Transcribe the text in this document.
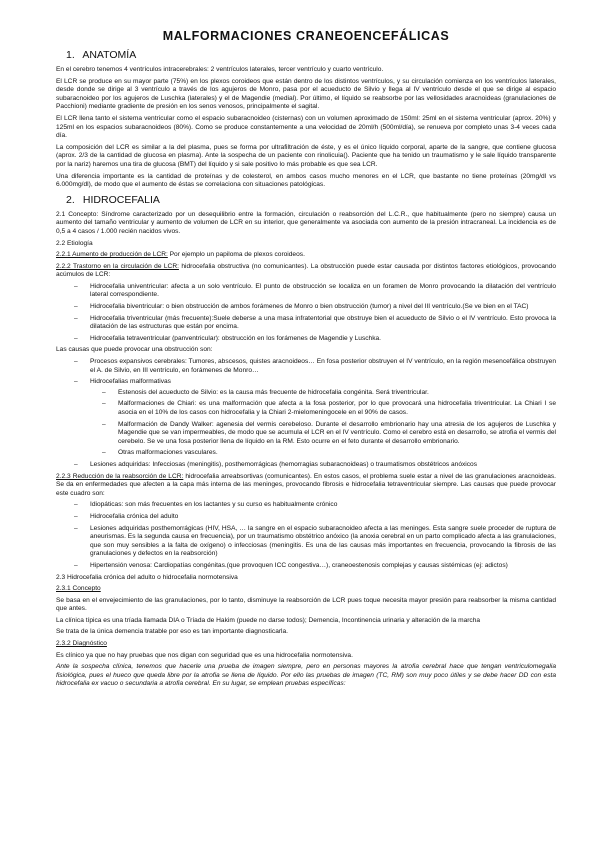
MALFORMACIONES CRANEOENCEFÁLICAS
1. ANATOMÍA

En el cerebro tenemos 4 ventrículos intracerebrales: 2 ventrículos laterales, tercer ventrículo y cuarto ventrículo.

El LCR se produce en su mayor parte (75%) en los plexos coroideos que están dentro de los distintos ventrículos, y su circulación comienza en los ventrículos laterales, desde donde se dirige al 3 ventrículo a través de los agujeros de Monro, pasa por el acueducto de Silvio y llega al IV ventrículo desde el que se dirige al espacio subaracnoideo por los agujeros de Luschka (laterales) y el de Magendie (medial). Por último, el líquido se reabsorbe por las vellosidades aracnoideas (granulaciones de Pacchioni) mediante gradiente de presión en los senos venosos, principalmente el sagital.

El LCR llena tanto el sistema ventricular como el espacio subaracnoideo (cisternas) con un volumen aproximado de 150ml: 25ml en el sistema ventricular (aprox. 20%) y 125ml en los espacios subaracnoideos (80%). Como se produce constantemente a una velocidad de 20ml/h (500ml/día), se renueva por completo unas 3-4 veces cada día.

La composición del LCR es similar a la del plasma, pues se forma por ultrafiltración de éste, y es el único líquido corporal, aparte de la sangre, que contiene glucosa (aprox. 2/3 de la cantidad de glucosa en plasma). Ante la sospecha de un paciente con rinolicuia(). Paciente que ha tenido un traumatismo y le sale líquido transparente por la nariz) haremos una tira de glucosa (BMT) del líquido y si sale positivo lo más probable es que sea LCR.

Una diferencia importante es la cantidad de proteínas y de colesterol, en ambos casos mucho menores en el LCR, que bastante no tiene proteínas (20mg/dl vs 6.000mg/dl), de modo que el aumento de éstas se correlaciona con situaciones patológicas.

2. HIDROCEFALIA

2.1 Concepto: Síndrome caracterizado por un desequilibrio entre la formación, circulación o reabsorción del L.C.R., que habitualmente (pero no siempre) causa un aumento del tamaño ventricular y aumento de volumen de LCR en su interior, que generalmente va asociada con aumento de la presión intracraneal. La incidencia es de 0,5 a 4 casos / 1.000 recién nacidos vivos.

2.2 Etiología

2.2.1 Aumento de producción de LCR: Por ejemplo un papiloma de plexos coroideos.

2.2.2 Trastorno en la circulación de LCR: hidrocefalia obstructiva (no comunicantes). La obstrucción puede estar causada por distintos factores etiológicos, provocando acúmulos de LCR:

– Hidrocefalia univentricular: afecta a un solo ventrículo. El punto de obstrucción se localiza en un foramen de Monro provocando la dilatación del ventrículo lateral correspondiente.
– Hidrocefalia biventricular: o bien obstrucción de ambos forámenes de Monro o bien obstrucción (tumor) a nivel del III ventrículo.(Se ve bien en el TAC)
– Hidrocefalia triventricular (más frecuente):Suele deberse a una masa infratentorial que obstruye bien el acueducto de Silvio o el IV ventrículo. Esto provoca la dilatación de las estructuras que están por encima.
– Hidrocefalia tetraventricular (panventricular): obstrucción en los forámenes de Magendie y Luschka.
Las causas que puede provocar una obstrucción son:
– Procesos expansivos cerebrales: Tumores, abscesos, quistes aracnoideos… En fosa posterior obstruyen el IV ventrículo, en la región mesencefálica obstruyen el A. de Silvio, en III ventrículo, en forámenes de Monro…
– Hidrocefalias malformativas
– Estenosis del acueducto de Silvio: es la causa más frecuente de hidrocefalia congénita. Será triventricular.
– Malformaciones de Chiari: es una malformación que afecta a la fosa posterior, por lo que provocará una hidrocefalia triventricular. La Chiari I se asocia en el 10% de los casos con hidrocefalia y la Chiari 2-mielomeningocele en el 90% de casos.
– Malformación de Dandy Walker: agenesia del vermis cerebeloso. Durante el desarrollo embrionario hay una atresia de los agujeros de Luschka y Magendie que se van impermeables, de modo que se acumula el LCR en el IV ventrículo. Como el cerebro está en desarrollo, se atrofia el vermis del cerebelo. Se ve una fosa posterior llena de líquido en la RM. Esto ocurre en el feto durante el desarrollo embrionario.
– Otras malformaciones vasculares.
– Lesiones adquiridas: Infecciosas (meningitis), posthemorrágicas (hemorragias subaracnoideas) o traumatismos obstétricos anóxicos

2.2.3 Reducción de la reabsorción de LCR: hidrocefalia arreabsortivas (comunicantes). En estos casos, el problema suele estar a nivel de las granulaciones aracnoideas. Se da en enfermedades que afecten a la capa más interna de las meninges, provocando fibrosis e hidrocefalia tetraventricular siempre. Las causas que puede provocar este cuadro son:

– Idiopáticas: son más frecuentes en los lactantes y su curso es habitualmente crónico
– Hidrocefalia crónica del adulto
– Lesiones adquiridas posthemorrágicas (HIV, HSA, … la sangre en el espacio subaracnoideo afecta a las meninges. Esta sangre suele proceder de ruptura de aneurismas. Es la segunda causa en frecuencia), por un traumatismo obstétrico anóxico (la anoxia cerebral en un parto complicado afecta a las granulaciones, que son muy sensibles a la falta de oxígeno) o infecciosas (meningitis. Es una de las causas más importantes en frecuencia, provocando la fibrosis de las granulaciones y defectos en la reabsorción)
– Hipertensión venosa: Cardiopatías congénitas.(que provoquen ICC congestiva…), craneoestenosis complejas y causas sistémicas (ej: adictos)
2.3 Hidrocefalia crónica del adulto o hidrocefalia normotensiva
2.3.1 Concepto

Se basa en el envejecimiento de las granulaciones, por lo tanto, disminuye la reabsorción de LCR pues toque necesita mayor presión para reabsorber la misma cantidad que antes.

La clínica típica es una tríada llamada DIA o Tríada de Hakim (puede no darse todos); Demencia, Incontinencia urinaria y alteración de la marcha

Se trata de la única demencia tratable por eso es tan importante diagnosticarla.

2.3.2 Diagnóstico

Es clínico ya que no hay pruebas que nos digan con seguridad que es una hidrocefalia normotensiva.

Ante la sospecha clínica, tenemos que hacerle una prueba de imagen siempre, pero en personas mayores la atrofia cerebral hace que tengan ventriculomegalia fisiológica, pues el hueco que queda libre por la atrofia se llena de líquido. Por ello las pruebas de imagen (TC, RM) son muy poco útiles y se debe hacer DD con esta hidrocefalia ex vacuo o secundaria a atrofia cerebral. En su lugar, se emplean pruebas específicas:
